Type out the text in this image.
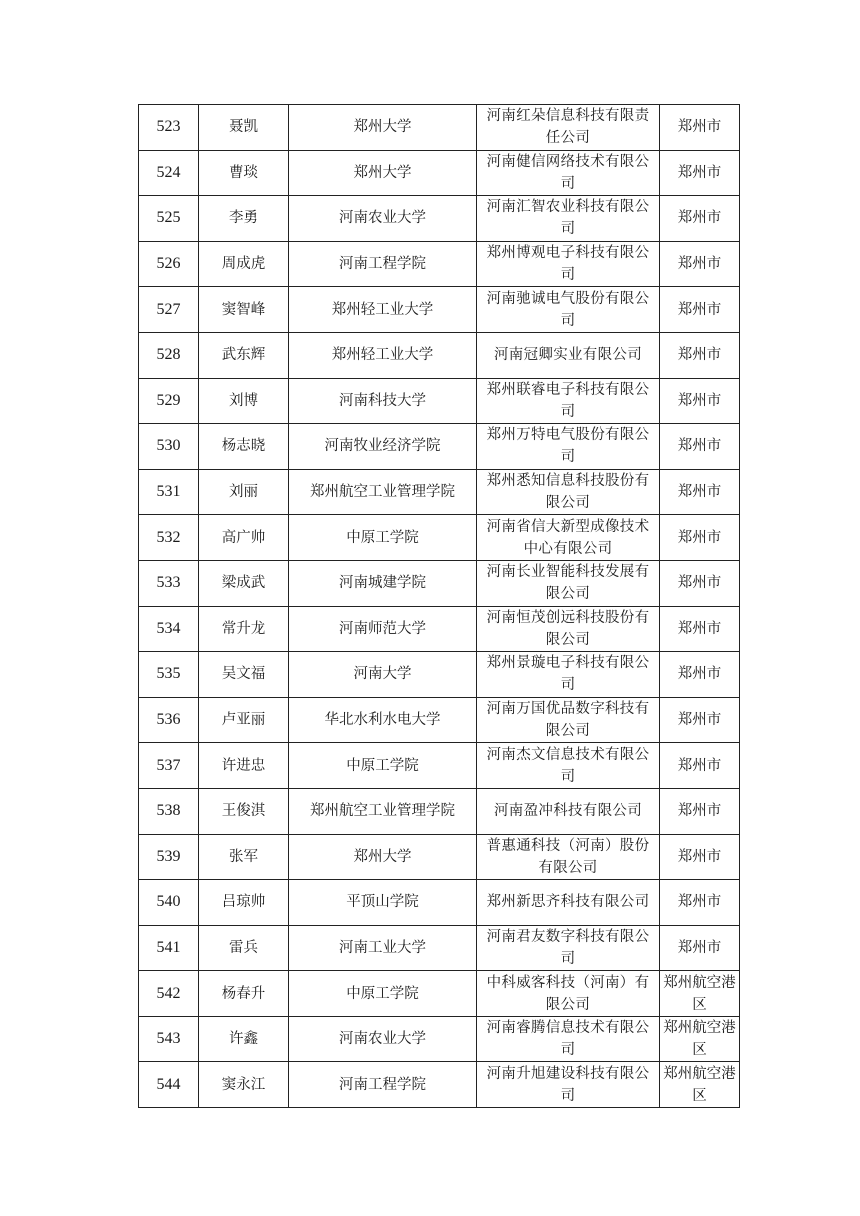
523	聂凯	郑州大学	河南红朵信息科技有限责任公司	郑州市
524	曹琰	郑州大学	河南健信网络技术有限公司	郑州市
525	李勇	河南农业大学	河南汇智农业科技有限公司	郑州市
526	周成虎	河南工程学院	郑州博观电子科技有限公司	郑州市
527	窦智峰	郑州轻工业大学	河南驰诚电气股份有限公司	郑州市
528	武东辉	郑州轻工业大学	河南冠卿实业有限公司	郑州市
529	刘博	河南科技大学	郑州联睿电子科技有限公司	郑州市
530	杨志晓	河南牧业经济学院	郑州万特电气股份有限公司	郑州市
531	刘丽	郑州航空工业管理学院	郑州悉知信息科技股份有限公司	郑州市
532	高广帅	中原工学院	河南省信大新型成像技术中心有限公司	郑州市
533	梁成武	河南城建学院	河南长业智能科技发展有限公司	郑州市
534	常升龙	河南师范大学	河南恒茂创远科技股份有限公司	郑州市
535	吴文福	河南大学	郑州景璇电子科技有限公司	郑州市
536	卢亚丽	华北水利水电大学	河南万国优品数字科技有限公司	郑州市
537	许进忠	中原工学院	河南杰文信息技术有限公司	郑州市
538	王俊淇	郑州航空工业管理学院	河南盈冲科技有限公司	郑州市
539	张军	郑州大学	普惠通科技（河南）股份有限公司	郑州市
540	吕琼帅	平顶山学院	郑州新思齐科技有限公司	郑州市
541	雷兵	河南工业大学	河南君友数字科技有限公司	郑州市
542	杨春升	中原工学院	中科威客科技（河南）有限公司	郑州航空港区
543	许鑫	河南农业大学	河南睿腾信息技术有限公司	郑州航空港区
544	窦永江	河南工程学院	河南升旭建设科技有限公司	郑州航空港区
